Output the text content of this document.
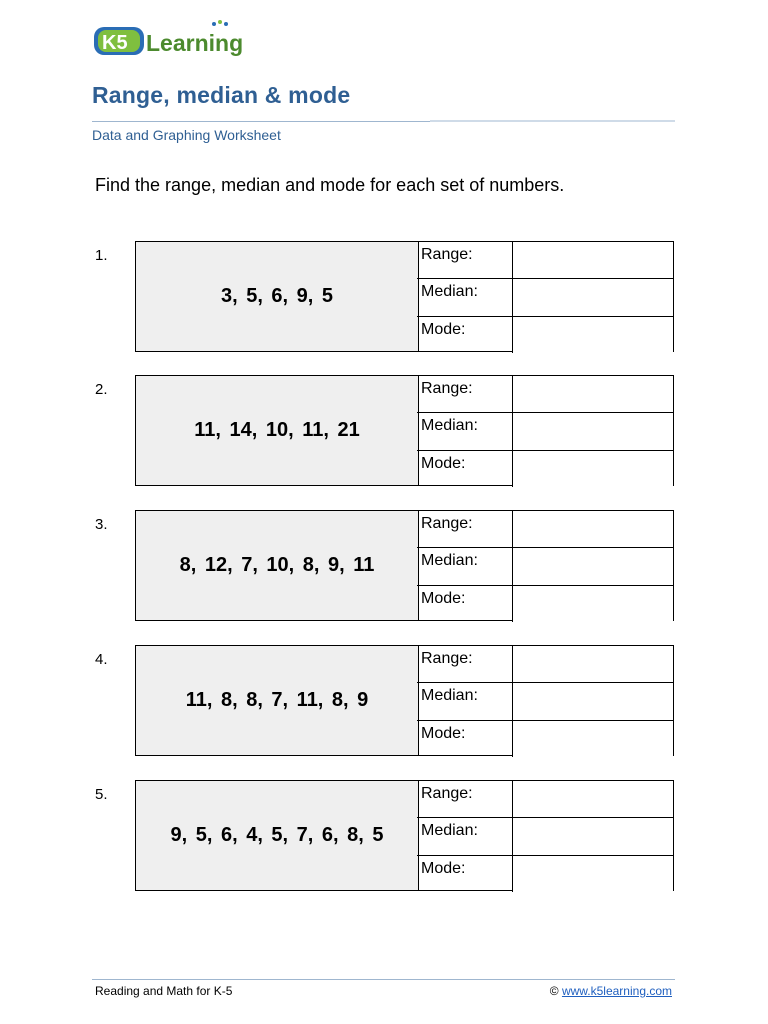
K5 Learning
Range, median & mode
Data and Graphing Worksheet
Find the range, median and mode for each set of numbers.
1.
3, 5, 6, 9, 5
Range:
Median:
Mode:
2.
11, 14, 10, 11, 21
Range:
Median:
Mode:
3.
8, 12, 7, 10, 8, 9, 11
Range:
Median:
Mode:
4.
11, 8, 8, 7, 11, 8, 9
Range:
Median:
Mode:
5.
9, 5, 6, 4, 5, 7, 6, 8, 5
Range:
Median:
Mode:
Reading and Math for K-5	© www.k5learning.com
